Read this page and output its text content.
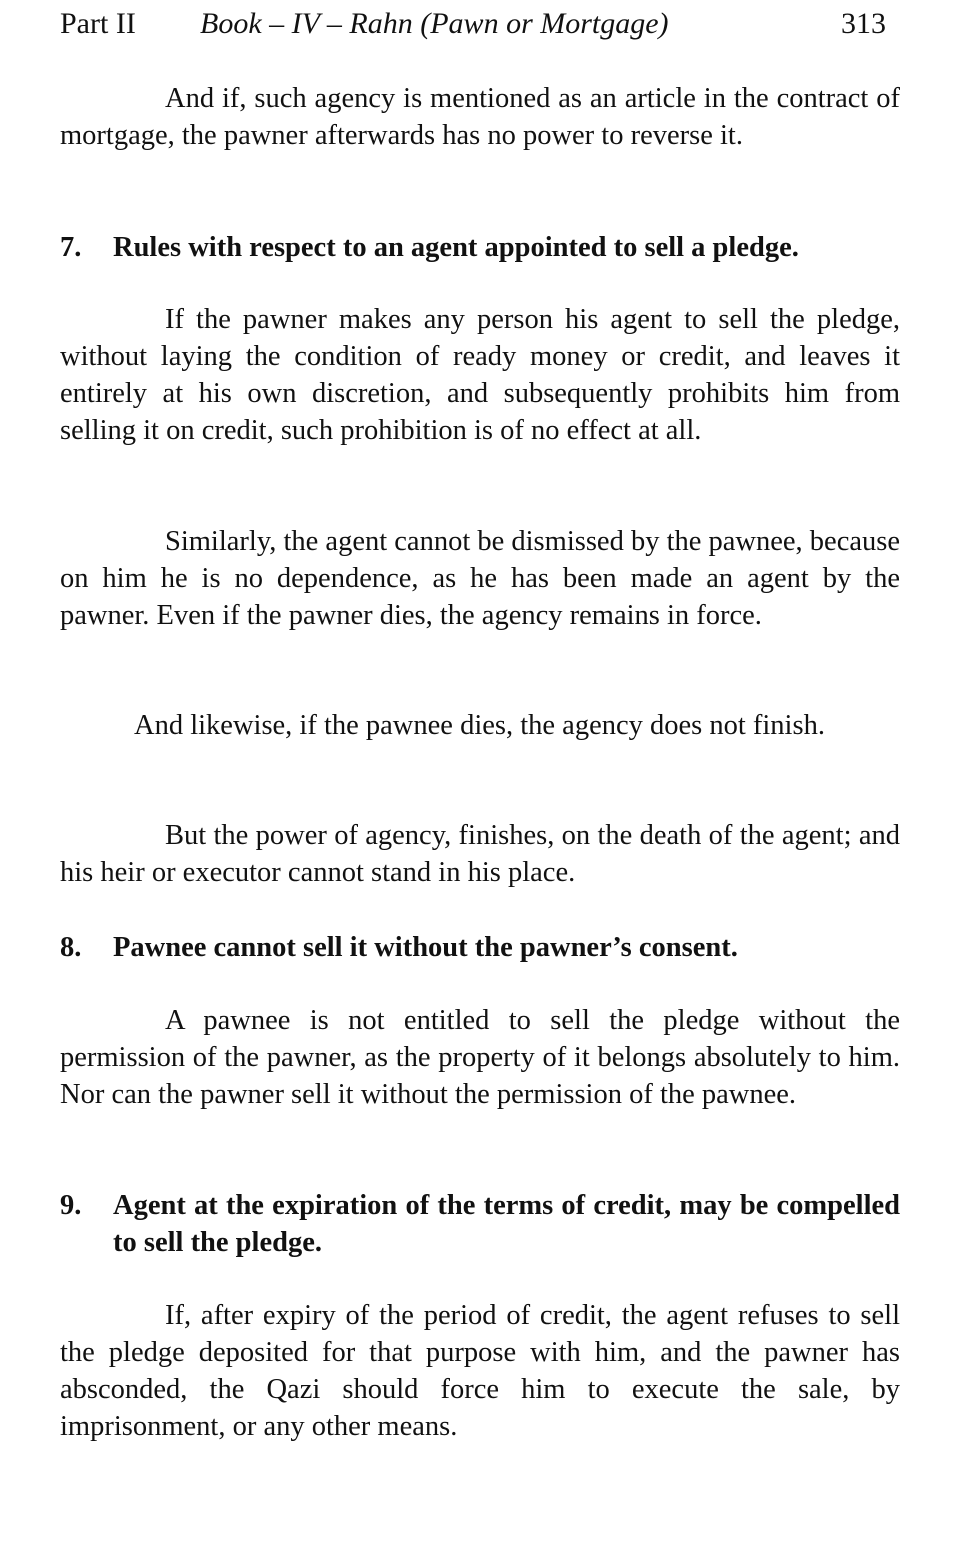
Part II Book – IV – Rahn (Pawn or Mortgage)	313

And if, such agency is mentioned as an article in the contract of mortgage, the pawner afterwards has no power to reverse it.

7. Rules with respect to an agent appointed to sell a pledge.

If the pawner makes any person his agent to sell the pledge, without laying the condition of ready money or credit, and leaves it entirely at his own discretion, and subsequently prohibits him from selling it on credit, such prohibition is of no effect at all.

Similarly, the agent cannot be dismissed by the pawnee, because on him he is no dependence, as he has been made an agent by the pawner. Even if the pawner dies, the agency remains in force.

And likewise, if the pawnee dies, the agency does not finish.

But the power of agency, finishes, on the death of the agent; and his heir or executor cannot stand in his place.

8. Pawnee cannot sell it without the pawner’s consent.

A pawnee is not entitled to sell the pledge without the permission of the pawner, as the property of it belongs absolutely to him. Nor can the pawner sell it without the permission of the pawnee.

9. Agent at the expiration of the terms of credit, may be compelled to sell the pledge.

If, after expiry of the period of credit, the agent refuses to sell the pledge deposited for that purpose with him, and the pawner has absconded, the Qazi should force him to execute the sale, by imprisonment, or any other means.
